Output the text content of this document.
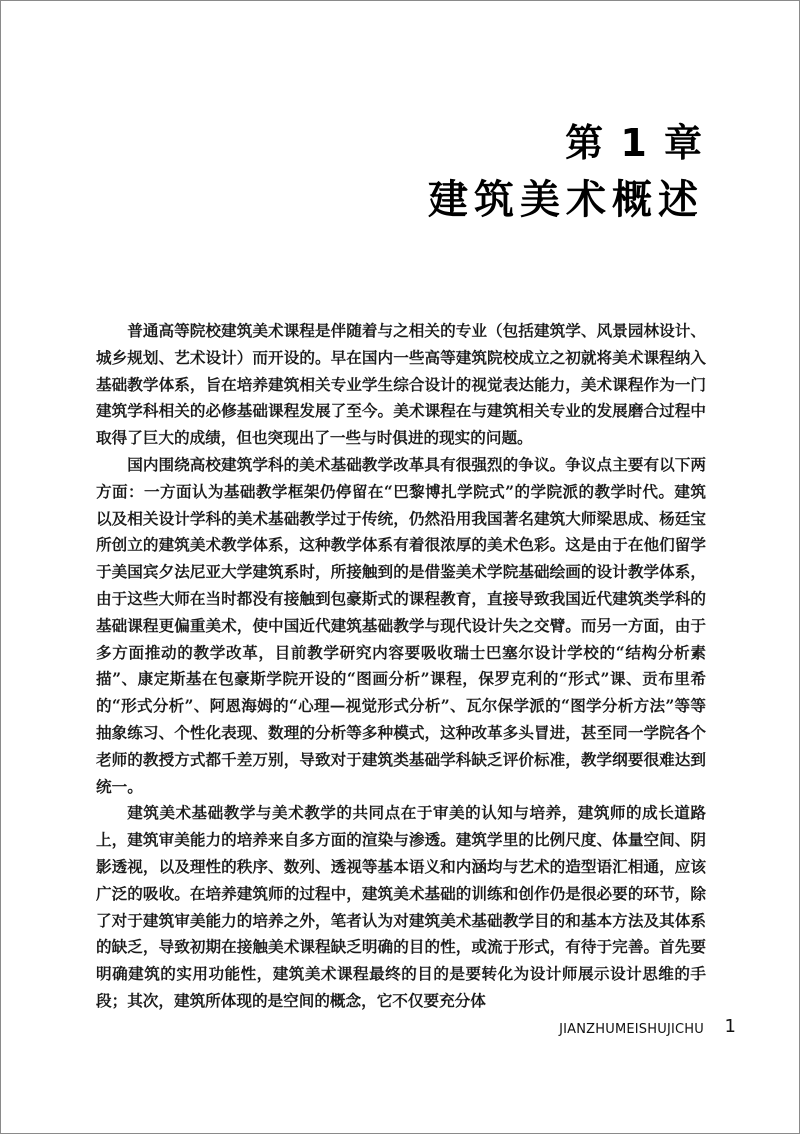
第 1 章
建筑美术概述

普通高等院校建筑美术课程是伴随着与之相关的专业（包括建筑学、风景园林设计、城乡规划、艺术设计）而开设的。早在国内一些高等建筑院校成立之初就将美术课程纳入基础教学体系，旨在培养建筑相关专业学生综合设计的视觉表达能力，美术课程作为一门建筑学科相关的必修基础课程发展了至今。美术课程在与建筑相关专业的发展磨合过程中取得了巨大的成绩，但也突现出了一些与时俱进的现实的问题。

国内围绕高校建筑学科的美术基础教学改革具有很强烈的争议。争议点主要有以下两方面：一方面认为基础教学框架仍停留在“巴黎博扎学院式”的学院派的教学时代。建筑以及相关设计学科的美术基础教学过于传统，仍然沿用我国著名建筑大师梁思成、杨廷宝所创立的建筑美术教学体系，这种教学体系有着很浓厚的美术色彩。这是由于在他们留学于美国宾夕法尼亚大学建筑系时，所接触到的是借鉴美术学院基础绘画的设计教学体系，由于这些大师在当时都没有接触到包豪斯式的课程教育，直接导致我国近代建筑类学科的基础课程更偏重美术，使中国近代建筑基础教学与现代设计失之交臂。而另一方面，由于多方面推动的教学改革，目前教学研究内容要吸收瑞士巴塞尔设计学校的“结构分析素描”、康定斯基在包豪斯学院开设的“图画分析”课程，保罗克利的“形式”课、贡布里希的“形式分析”、阿恩海姆的“心理—视觉形式分析”、瓦尔保学派的“图学分析方法”等等抽象练习、个性化表现、数理的分析等多种模式，这种改革多头冒进，甚至同一学院各个老师的教授方式都千差万别，导致对于建筑类基础学科缺乏评价标准，教学纲要很难达到统一。

建筑美术基础教学与美术教学的共同点在于审美的认知与培养，建筑师的成长道路上，建筑审美能力的培养来自多方面的渲染与渗透。建筑学里的比例尺度、体量空间、阴影透视，以及理性的秩序、数列、透视等基本语义和内涵均与艺术的造型语汇相通，应该广泛的吸收。在培养建筑师的过程中，建筑美术基础的训练和创作仍是很必要的环节，除了对于建筑审美能力的培养之外，笔者认为对建筑美术基础教学目的和基本方法及其体系的缺乏，导致初期在接触美术课程缺乏明确的目的性，或流于形式，有待于完善。首先要明确建筑的实用功能性，建筑美术课程最终的目的是要转化为设计师展示设计思维的手段；其次，建筑所体现的是空间的概念，它不仅要充分体

JIANZHUMEISHUJICHU 1
